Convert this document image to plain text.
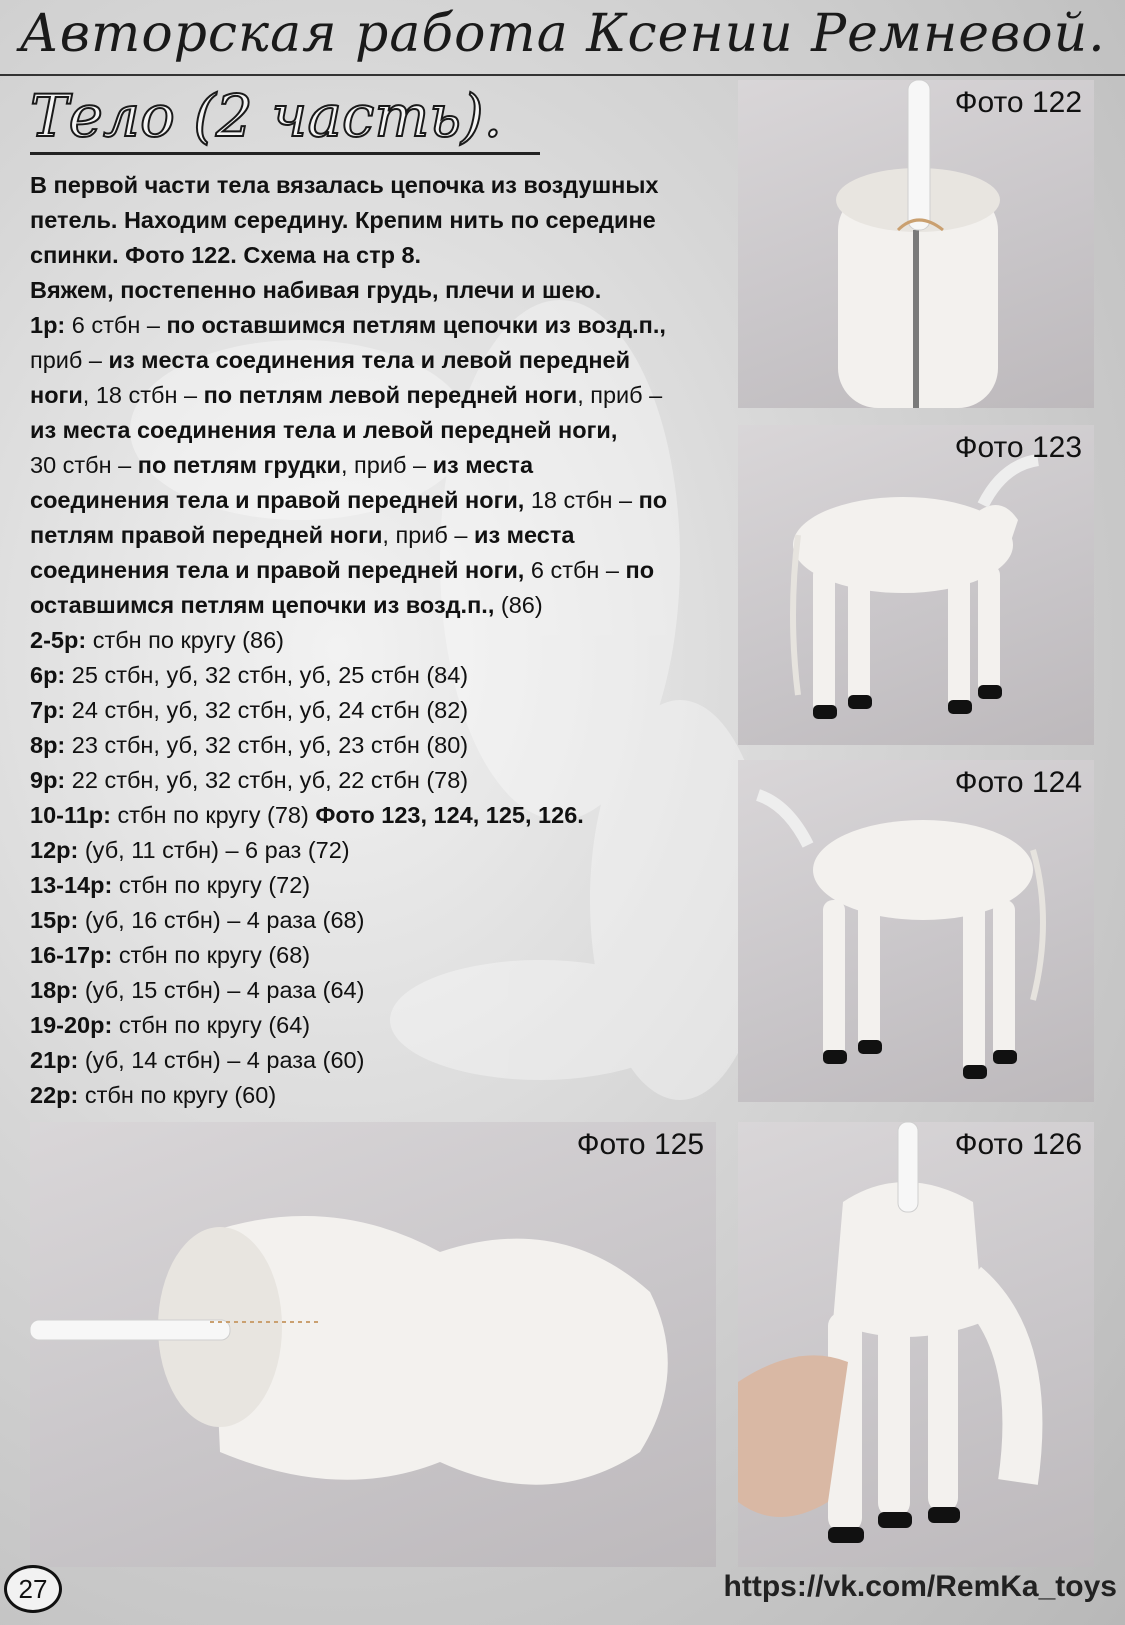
Авторская работа Ксении Ремневой.
Тело (2 часть).
В первой части тела вязалась цепочка из воздушных
петель. Находим середину. Крепим нить по середине
спинки. Фото 122. Схема на стр 8.
Вяжем, постепенно набивая грудь, плечи и шею.
1р: 6 стбн – по оставшимся петлям цепочки из возд.п.,
приб – из места соединения тела и левой передней
ноги, 18 стбн – по петлям левой передней ноги, приб –
из места соединения тела и левой передней ноги,
30 стбн – по петлям грудки, приб – из места
соединения тела и правой передней ноги, 18 стбн – по
петлям правой передней ноги, приб – из места
соединения тела и правой передней ноги, 6 стбн – по
оставшимся петлям цепочки из возд.п., (86)
2-5р: стбн по кругу (86)
6р: 25 стбн, уб, 32 стбн, уб, 25 стбн (84)
7р: 24 стбн, уб, 32 стбн, уб, 24 стбн (82)
8р: 23 стбн, уб, 32 стбн, уб, 23 стбн (80)
9р: 22 стбн, уб, 32 стбн, уб, 22 стбн (78)
10-11р: стбн по кругу (78) Фото 123, 124, 125, 126.
12р: (уб, 11 стбн) – 6 раз (72)
13-14р: стбн по кругу (72)
15р: (уб, 16 стбн) – 4 раза (68)
16-17р: стбн по кругу (68)
18р: (уб, 15 стбн) – 4 раза (64)
19-20р: стбн по кругу (64)
21р: (уб, 14 стбн) – 4 раза (60)
22р: стбн по кругу (60)
Фото 122
Фото 123
Фото 124
Фото 125	Фото 126
27	https://vk.com/RemKa_toys
